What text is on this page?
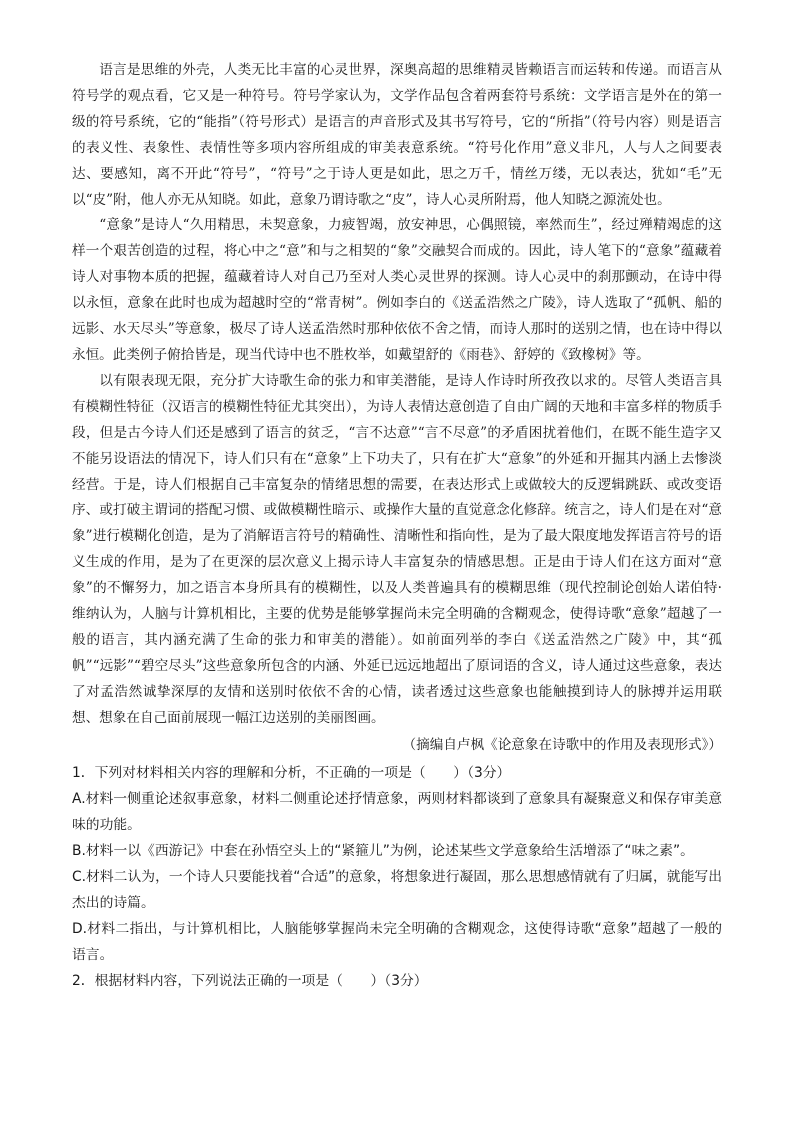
语言是思维的外壳，人类无比丰富的心灵世界，深奥高超的思维精灵皆赖语言而运转和传递。而语言从符号学的观点看，它又是一种符号。符号学家认为，文学作品包含着两套符号系统：文学语言是外在的第一级的符号系统，它的“能指”（符号形式）是语言的声音形式及其书写符号，它的“所指”（符号内容）则是语言的表义性、表象性、表情性等多项内容所组成的审美表意系统。“符号化作用”意义非凡，人与人之间要表达、要感知，离不开此“符号”，“符号”之于诗人更是如此，思之万千，情丝万缕，无以表达，犹如“毛”无以“皮”附，他人亦无从知晓。如此，意象乃谓诗歌之“皮”，诗人心灵所附焉，他人知晓之源流处也。

“意象”是诗人“久用精思，未契意象，力疲智竭，放安神思，心偶照镜，率然而生”，经过殚精竭虑的这样一个艰苦创造的过程，将心中之“意”和与之相契的“象”交融契合而成的。因此，诗人笔下的“意象”蕴藏着诗人对事物本质的把握，蕴藏着诗人对自己乃至对人类心灵世界的探测。诗人心灵中的刹那颤动，在诗中得以永恒，意象在此时也成为超越时空的“常青树”。例如李白的《送孟浩然之广陵》，诗人选取了“孤帆、船的远影、水天尽头”等意象，极尽了诗人送孟浩然时那种依依不舍之情，而诗人那时的送别之情，也在诗中得以永恒。此类例子俯拾皆是，现当代诗中也不胜枚举，如戴望舒的《雨巷》、舒婷的《致橡树》等。

以有限表现无限，充分扩大诗歌生命的张力和审美潜能，是诗人作诗时所孜孜以求的。尽管人类语言具有模糊性特征（汉语言的模糊性特征尤其突出），为诗人表情达意创造了自由广阔的天地和丰富多样的物质手段，但是古今诗人们还是感到了语言的贫乏，“言不达意”“言不尽意”的矛盾困扰着他们，在既不能生造字又不能另设语法的情况下，诗人们只有在“意象”上下功夫了，只有在扩大“意象”的外延和开掘其内涵上去惨淡经营。于是，诗人们根据自己丰富复杂的情绪思想的需要，在表达形式上或做较大的反逻辑跳跃、或改变语序、或打破主谓词的搭配习惯、或做模糊性暗示、或操作大量的直觉意念化修辞。统言之，诗人们是在对“意象”进行模糊化创造，是为了消解语言符号的精确性、清晰性和指向性，是为了最大限度地发挥语言符号的语义生成的作用，是为了在更深的层次意义上揭示诗人丰富复杂的情感思想。正是由于诗人们在这方面对“意象”的不懈努力，加之语言本身所具有的模糊性，以及人类普遍具有的模糊思维（现代控制论创始人诺伯特·维纳认为，人脑与计算机相比，主要的优势是能够掌握尚未完全明确的含糊观念，使得诗歌“意象”超越了一般的语言，其内涵充满了生命的张力和审美的潜能）。如前面列举的李白《送孟浩然之广陵》中，其“孤帆”“远影”“碧空尽头”这些意象所包含的内涵、外延已远远地超出了原词语的含义，诗人通过这些意象，表达了对孟浩然诚挚深厚的友情和送别时依依不舍的心情，读者透过这些意象也能触摸到诗人的脉搏并运用联想、想象在自己面前展现一幅江边送别的美丽图画。

（摘编自卢枫《论意象在诗歌中的作用及表现形式》）

1．下列对材料相关内容的理解和分析，不正确的一项是（　　）（3分）

A.材料一侧重论述叙事意象，材料二侧重论述抒情意象，两则材料都谈到了意象具有凝聚意义和保存审美意味的功能。

B.材料一以《西游记》中套在孙悟空头上的“紧箍儿”为例，论述某些文学意象给生活增添了“味之素”。

C.材料二认为，一个诗人只要能找着“合适”的意象，将想象进行凝固，那么思想感情就有了归属，就能写出杰出的诗篇。

D.材料二指出，与计算机相比，人脑能够掌握尚未完全明确的含糊观念，这使得诗歌“意象”超越了一般的语言。

2．根据材料内容，下列说法正确的一项是（　　）（3分）
